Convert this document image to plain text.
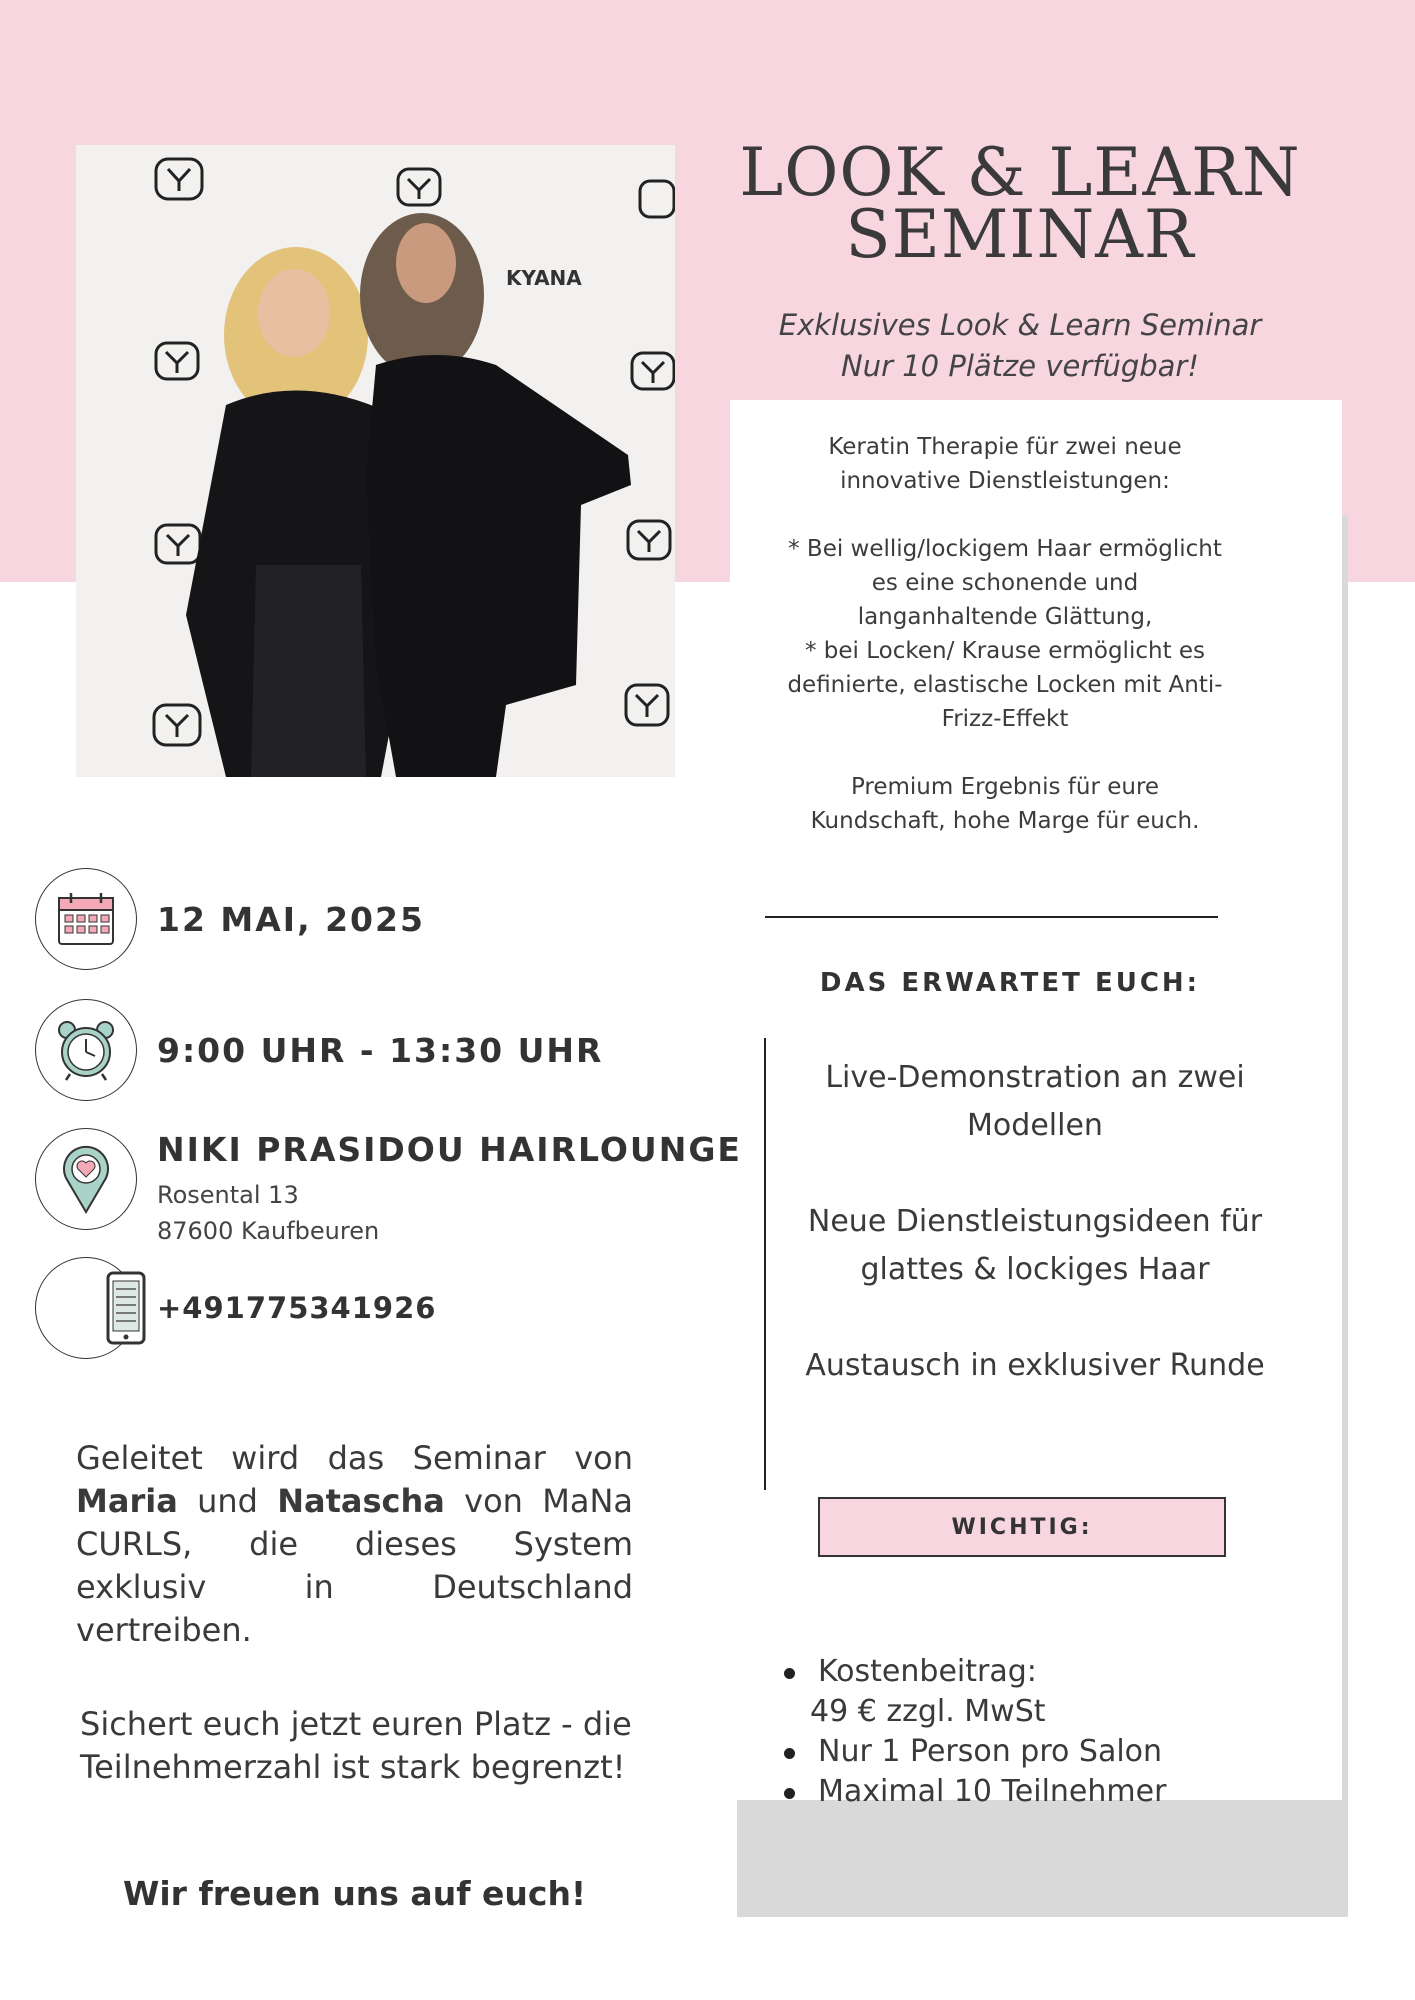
KYANA
LOOK & LEARN SEMINAR
Exklusives Look & Learn Seminar
Nur 10 Plätze verfügbar!

Keratin Therapie für zwei neue innovative Dienstleistungen:

* Bei wellig/lockigem Haar ermöglicht es eine schonende und langanhaltende Glättung,
* bei Locken/ Krause ermöglicht es definierte, elastische Locken mit Anti-Frizz-Effekt

Premium Ergebnis für eure Kundschaft, hohe Marge für euch.

DAS ERWARTET EUCH:

Live-Demonstration an zwei Modellen

Neue Dienstleistungsideen für glattes & lockiges Haar

Austausch in exklusiver Runde

WICHTIG:
Kostenbeitrag:
49 € zzgl. MwSt
Nur 1 Person pro Salon
Maximal 10 Teilnehmer
12 MAI, 2025
9:00 UHR - 13:30 UHR
NIKI PRASIDOU HAIRLOUNGE
Rosental 13
87600 Kaufbeuren
+491775341926
Geleitet wird das Seminar von Maria und Natascha von MaNa CURLS, die dieses System exklusiv in Deutschland vertreiben.
Sichert euch jetzt euren Platz - die Teilnehmerzahl ist stark begrenzt!
Wir freuen uns auf euch!
